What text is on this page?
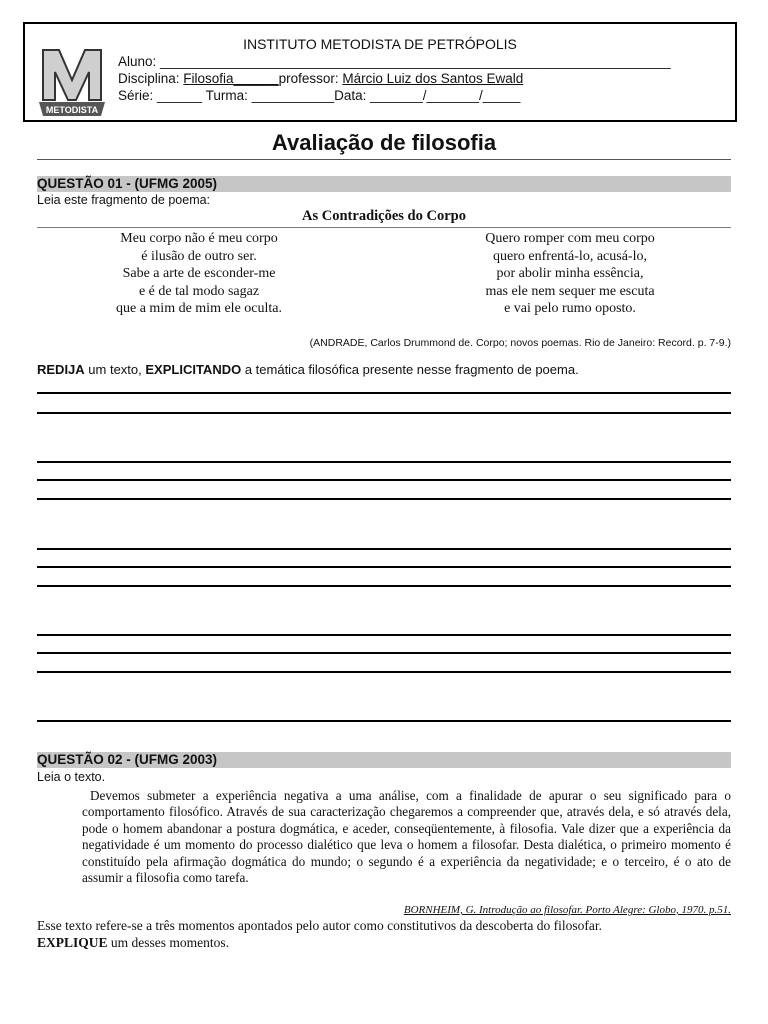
METODISTA
INSTITUTO METODISTA DE PETRÓPOLIS
Aluno: ____________________________________________________________________
Disciplina: Filosofia______professor: Márcio Luiz dos Santos Ewald
Série: ______ Turma: ___________Data: _______/_______/_____
Avaliação de filosofia
QUESTÃO 01 - (UFMG 2005)
Leia este fragmento de poema:
As Contradições do Corpo
Meu corpo não é meu corpo
é ilusão de outro ser.
Sabe a arte de esconder-me
e é de tal modo sagaz
que a mim de mim ele oculta.
Quero romper com meu corpo
quero enfrentá-lo, acusá-lo,
por abolir minha essência,
mas ele nem sequer me escuta
e vai pelo rumo oposto.
(ANDRADE, Carlos Drummond de. Corpo; novos poemas. Rio de Janeiro: Record. p. 7-9.)
REDIJA um texto, EXPLICITANDO a temática filosófica presente nesse fragmento de poema.
QUESTÃO 02 - (UFMG 2003)
Leia o texto.
Devemos submeter a experiência negativa a uma análise, com a finalidade de apurar o seu significado para o comportamento filosófico. Através de sua caracterização chegaremos a compreender que, através dela, e só através dela, pode o homem abandonar a postura dogmática, e aceder, conseqüentemente, à filosofia. Vale dizer que a experiência da negatividade é um momento do processo dialético que leva o homem a filosofar. Desta dialética, o primeiro momento é constituído pela afirmação dogmática do mundo; o segundo é a experiência da negatividade; e o terceiro, é o ato de assumir a filosofia como tarefa.
BORNHEIM, G. Introdução ao filosofar. Porto Alegre: Globo, 1970. p.51.
Esse texto refere-se a três momentos apontados pelo autor como constitutivos da descoberta do filosofar.
EXPLIQUE um desses momentos.
